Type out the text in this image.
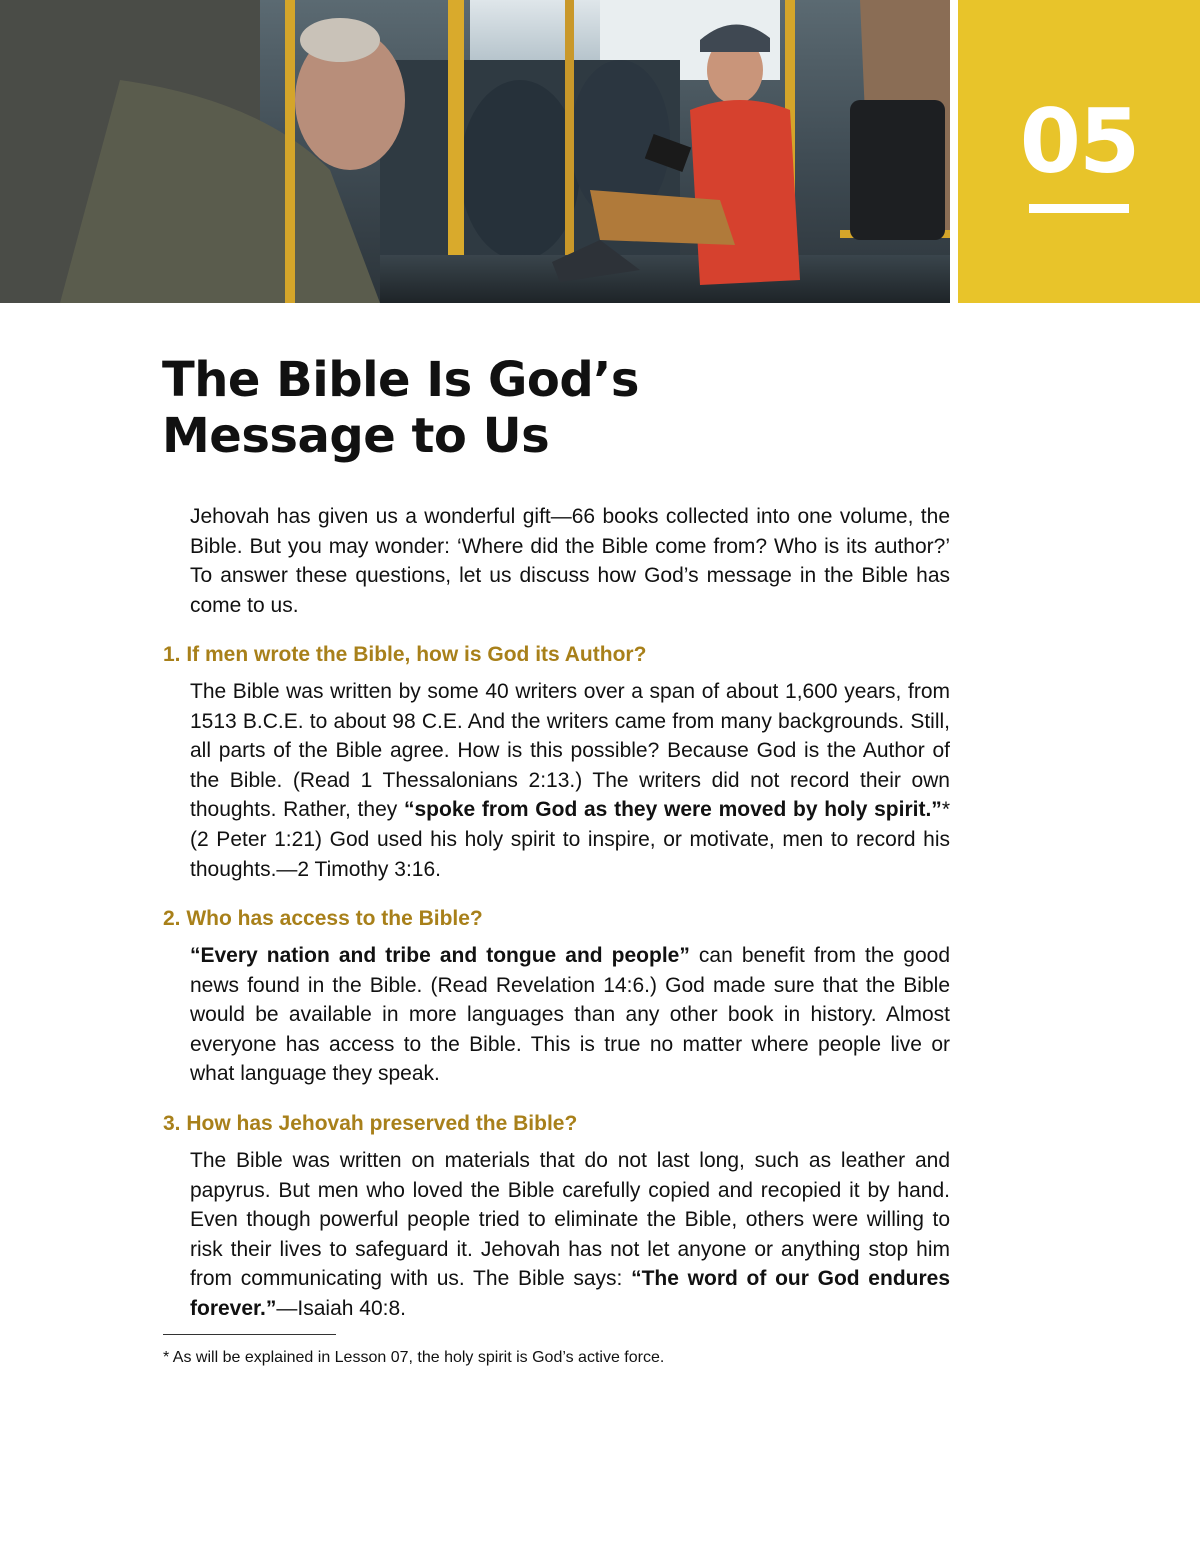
05
The Bible Is God’s
Message to Us

Jehovah has given us a wonderful gift—66 books collected into one volume, the Bible. But you may wonder: ‘Where did the Bible come from? Who is its author?’ To answer these questions, let us discuss how God’s message in the Bible has come to us.

1. If men wrote the Bible, how is God its Author?

The Bible was written by some 40 writers over a span of about 1,600 years, from 1513 B.C.E. to about 98 C.E. And the writers came from many backgrounds. Still, all parts of the Bible agree. How is this possible? Because God is the Author of the Bible. (Read 1 Thessalonians 2:13.) The writers did not record their own thoughts. Rather, they “spoke from God as they were moved by holy spirit.”* (2 Peter 1:21) God used his holy spirit to inspire, or motivate, men to record his thoughts.—2 Timothy 3:16.

2. Who has access to the Bible?

“Every nation and tribe and tongue and people” can benefit from the good news found in the Bible. (Read Revelation 14:6.) God made sure that the Bible would be available in more languages than any other book in history. Almost everyone has access to the Bible. This is true no matter where people live or what language they speak.

3. How has Jehovah preserved the Bible?

The Bible was written on materials that do not last long, such as leather and papyrus. But men who loved the Bible carefully copied and recopied it by hand. Even though powerful people tried to eliminate the Bible, others were willing to risk their lives to safeguard it. Jehovah has not let anyone or anything stop him from communicating with us. The Bible says: “The word of our God endures forever.”—Isaiah 40:8.

* As will be explained in Lesson 07, the holy spirit is God’s active force.
